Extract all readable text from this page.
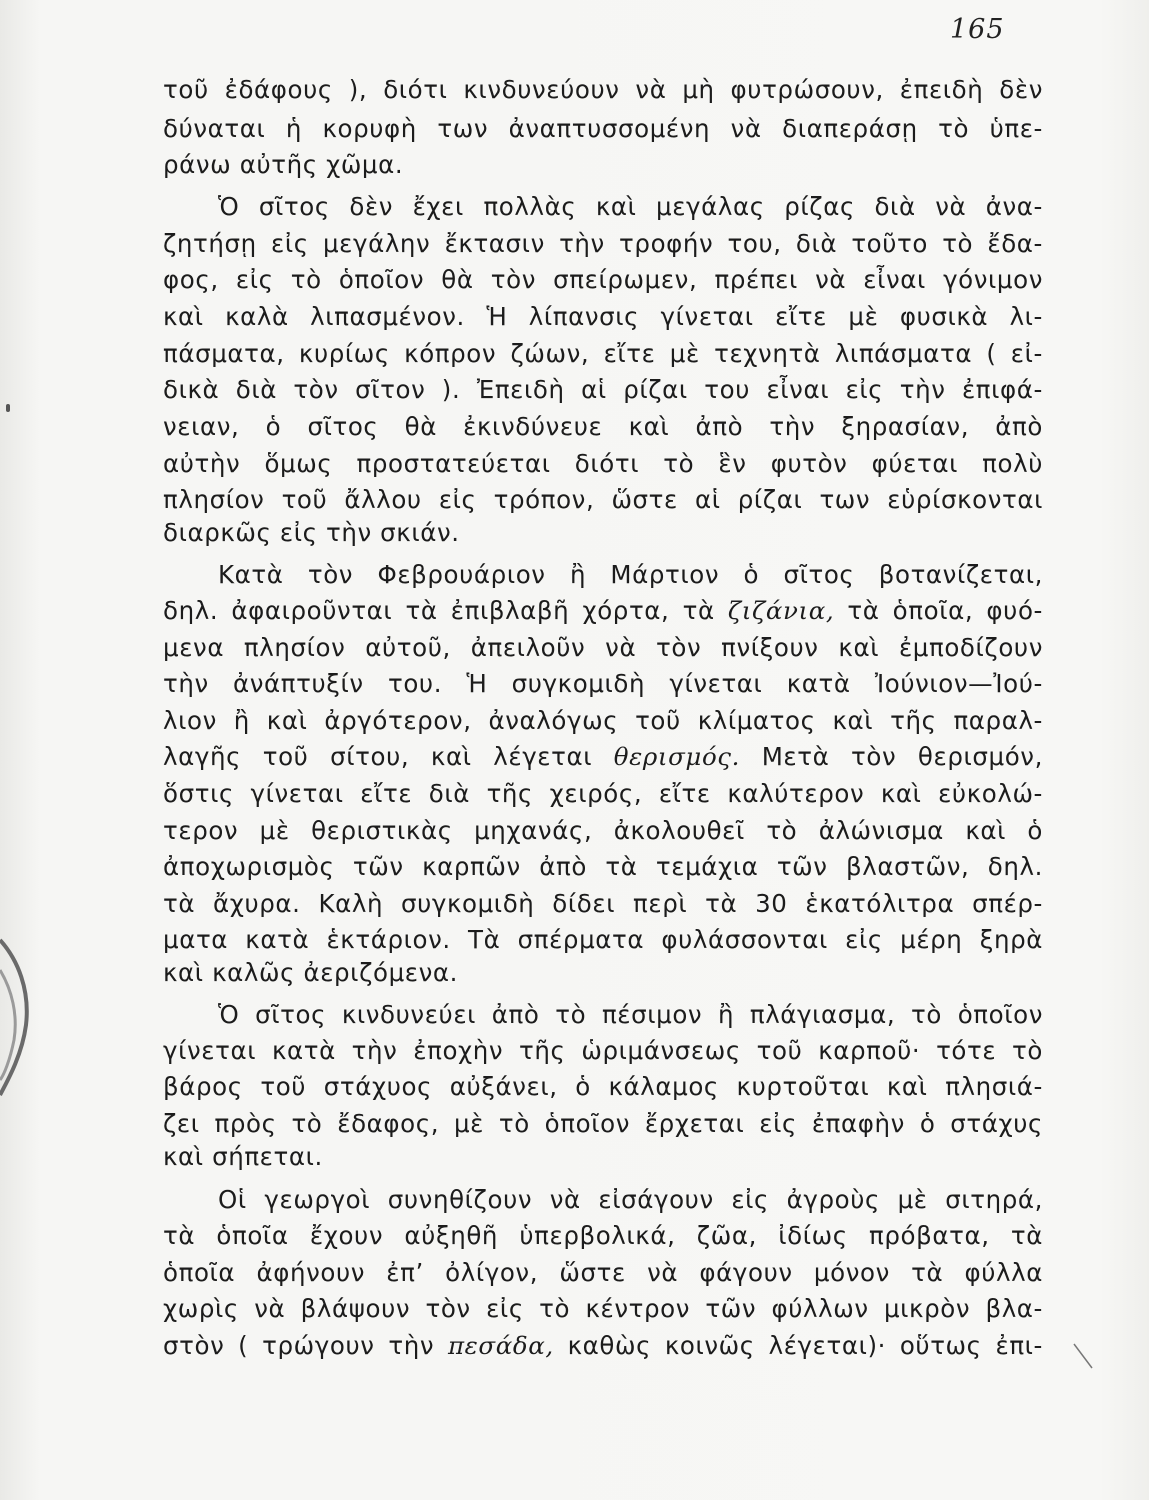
165
τοῦ ἐδάφους ), διότι κινδυνεύουν νὰ μὴ φυτρώσουν, ἐπειδὴ δὲν
δύναται ἡ κορυφὴ των ἀναπτυσσομένη νὰ διαπεράσῃ τὸ ὑπε-
ράνω αὐτῆς χῶμα.
Ὁ σῖτος δὲν ἔχει πολλὰς καὶ μεγάλας ρίζας διὰ νὰ ἀνα-
ζητήσῃ εἰς μεγάλην ἔκτασιν τὴν τροφήν του, διὰ τοῦτο τὸ ἔδα-
φος, εἰς τὸ ὁποῖον θὰ τὸν σπείρωμεν, πρέπει νὰ εἶναι γόνιμον
καὶ καλὰ λιπασμένον. Ἡ λίπανσις γίνεται εἴτε μὲ φυσικὰ λι-
πάσματα, κυρίως κόπρον ζώων, εἴτε μὲ τεχνητὰ λιπάσματα ( εἰ-
δικὰ διὰ τὸν σῖτον ). Ἐπειδὴ αἱ ρίζαι του εἶναι εἰς τὴν ἐπιφά-
νειαν, ὁ σῖτος θὰ ἐκινδύνευε καὶ ἀπὸ τὴν ξηρασίαν, ἀπὸ
αὐτὴν ὅμως προστατεύεται διότι τὸ ἓν φυτὸν φύεται πολὺ
πλησίον τοῦ ἄλλου εἰς τρόπον, ὥστε αἱ ρίζαι των εὑρίσκονται
διαρκῶς εἰς τὴν σκιάν.
Κατὰ τὸν Φεβρουάριον ἢ Μάρτιον ὁ σῖτος βοτανίζεται,
δηλ. ἀφαιροῦνται τὰ ἐπιβλαβῆ χόρτα, τὰ ζιζάνια, τὰ ὁποῖα, φυό-
μενα πλησίον αὐτοῦ, ἀπειλοῦν νὰ τὸν πνίξουν καὶ ἐμποδίζουν
τὴν ἀνάπτυξίν του. Ἡ συγκομιδὴ γίνεται κατὰ Ἰούνιον—Ἰού-
λιον ἢ καὶ ἀργότερον, ἀναλόγως τοῦ κλίματος καὶ τῆς παραλ-
λαγῆς τοῦ σίτου, καὶ λέγεται θερισμός. Μετὰ τὸν θερισμόν,
ὅστις γίνεται εἴτε διὰ τῆς χειρός, εἴτε καλύτερον καὶ εὐκολώ-
τερον μὲ θεριστικὰς μηχανάς, ἀκολουθεῖ τὸ ἀλώνισμα καὶ ὁ
ἀποχωρισμὸς τῶν καρπῶν ἀπὸ τὰ τεμάχια τῶν βλαστῶν, δηλ.
τὰ ἄχυρα. Καλὴ συγκομιδὴ δίδει περὶ τὰ 30 ἑκατόλιτρα σπέρ-
ματα κατὰ ἑκτάριον. Τὰ σπέρματα φυλάσσονται εἰς μέρη ξηρὰ
καὶ καλῶς ἀεριζόμενα.
Ὁ σῖτος κινδυνεύει ἀπὸ τὸ πέσιμον ἢ πλάγιασμα, τὸ ὁποῖον
γίνεται κατὰ τὴν ἐποχὴν τῆς ὡριμάνσεως τοῦ καρποῦ· τότε τὸ
βάρος τοῦ στάχυος αὐξάνει, ὁ κάλαμος κυρτοῦται καὶ πλησιά-
ζει πρὸς τὸ ἔδαφος, μὲ τὸ ὁποῖον ἔρχεται εἰς ἐπαφὴν ὁ στάχυς
καὶ σήπεται.
Οἱ γεωργοὶ συνηθίζουν νὰ εἰσάγουν εἰς ἀγροὺς μὲ σιτηρά,
τὰ ὁποῖα ἔχουν αὐξηθῆ ὑπερβολικά, ζῶα, ἰδίως πρόβατα, τὰ
ὁποῖα ἀφήνουν ἐπ’ ὀλίγον, ὥστε νὰ φάγουν μόνον τὰ φύλλα
χωρὶς νὰ βλάψουν τὸν εἰς τὸ κέντρον τῶν φύλλων μικρὸν βλα-
στὸν ( τρώγουν τὴν πεσάδα, καθὼς κοινῶς λέγεται)· οὕτως ἐπι-
